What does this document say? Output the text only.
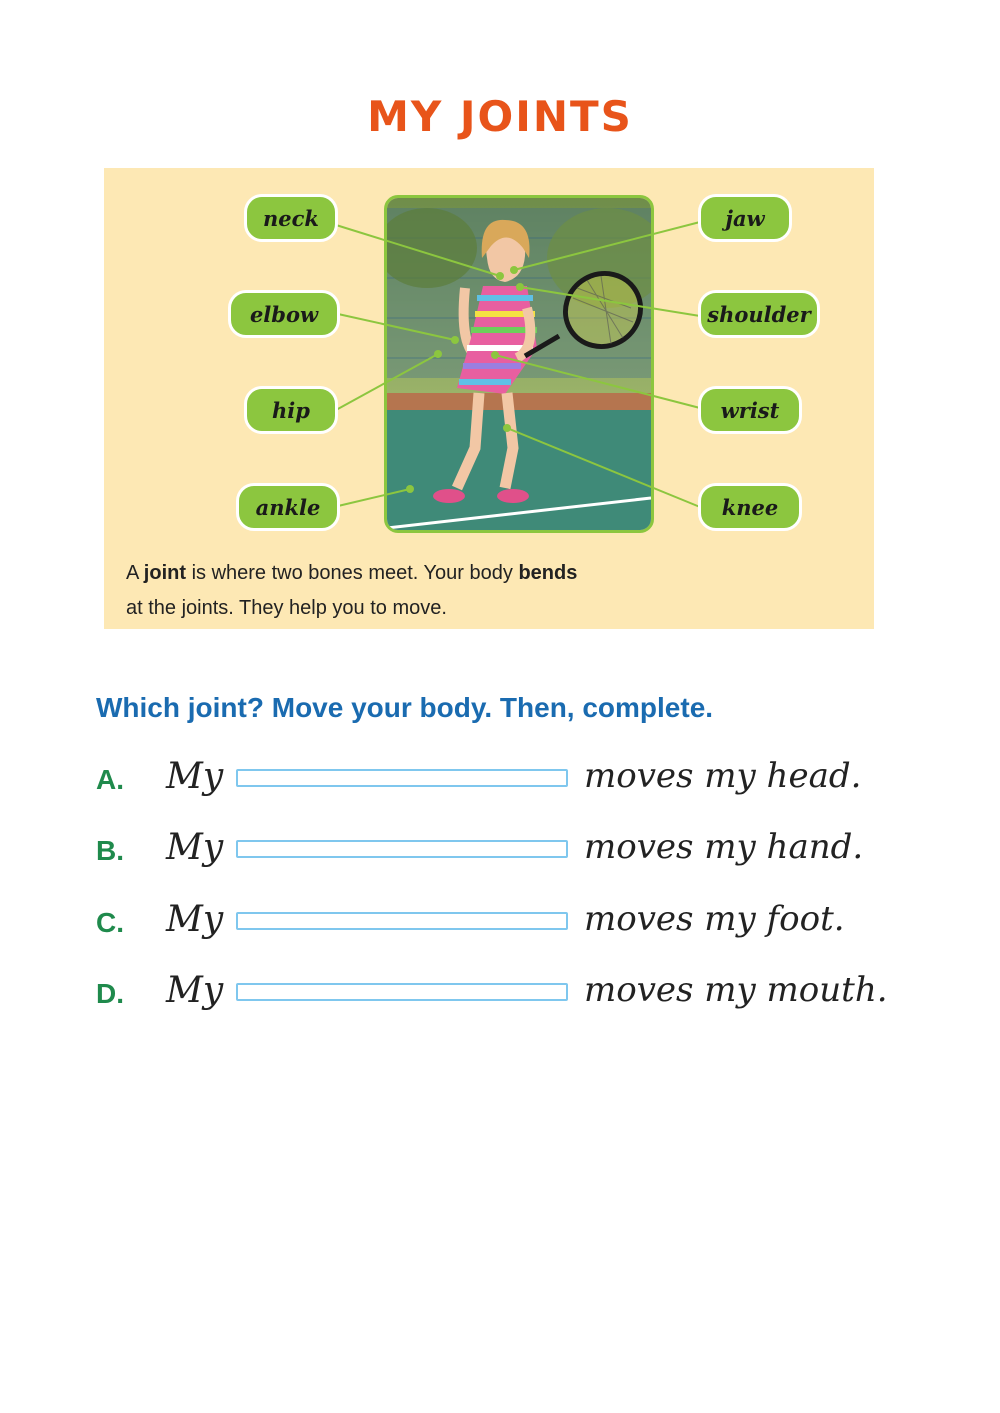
MY JOINTS
neck
elbow
hip
ankle
jaw
shoulder
wrist
knee
A joint is where two bones meet. Your body bends
at the joints. They help you to move.
Which joint? Move your body. Then, complete.
A. My	moves my head.
B. My	moves my hand.
C. My	moves my foot.
D. My	moves my mouth.
